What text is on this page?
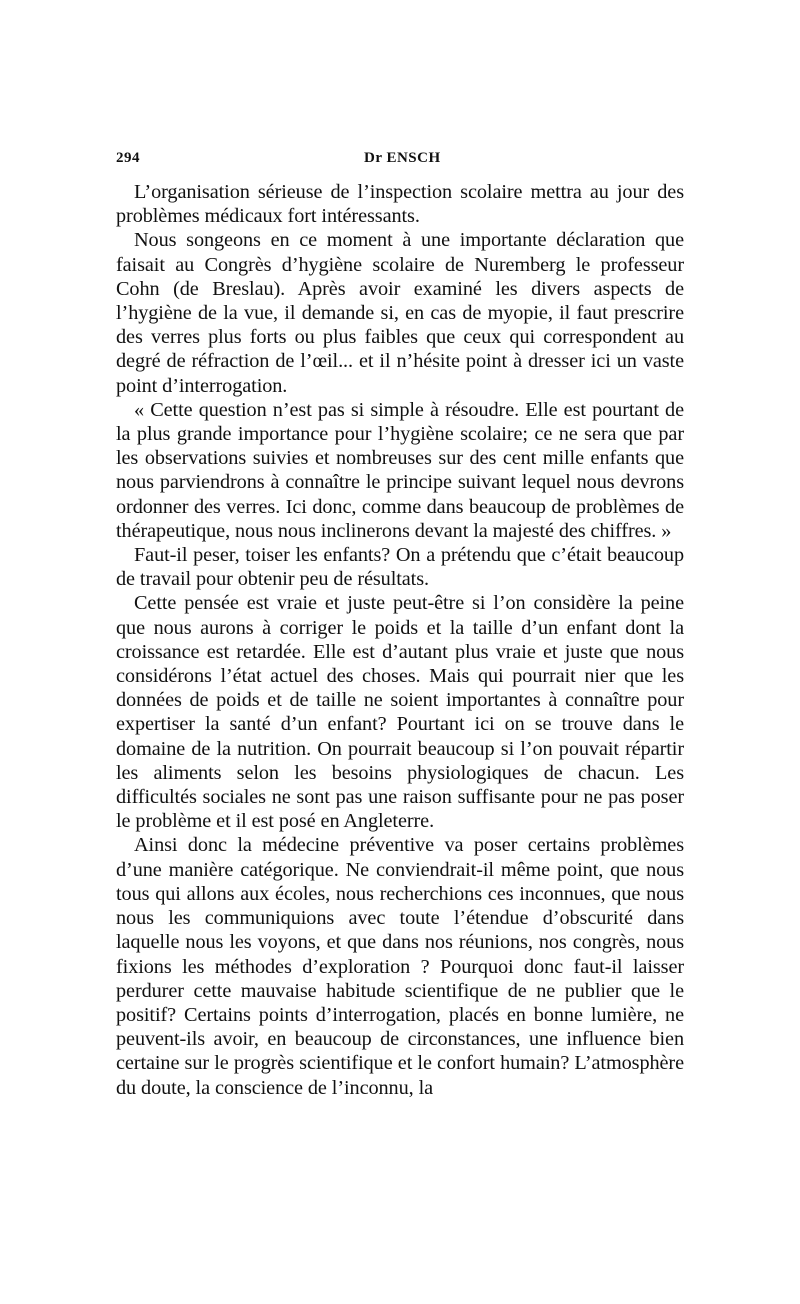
294	Dr ENSCH

L’organisation sérieuse de l’inspection scolaire mettra au jour des problèmes médicaux fort intéressants.

Nous songeons en ce moment à une importante déclaration que faisait au Congrès d’hygiène scolaire de Nuremberg le professeur Cohn (de Breslau). Après avoir examiné les divers aspects de l’hygiène de la vue, il demande si, en cas de myopie, il faut prescrire des verres plus forts ou plus faibles que ceux qui correspondent au degré de réfraction de l’œil... et il n’hésite point à dresser ici un vaste point d’interrogation.

« Cette question n’est pas si simple à résoudre. Elle est pourtant de la plus grande importance pour l’hygiène scolaire; ce ne sera que par les observations suivies et nombreuses sur des cent mille enfants que nous parviendrons à connaître le principe suivant lequel nous devrons ordonner des verres. Ici donc, comme dans beaucoup de problèmes de thérapeutique, nous nous inclinerons devant la majesté des chiffres. »

Faut-il peser, toiser les enfants? On a prétendu que c’était beaucoup de travail pour obtenir peu de résultats.

Cette pensée est vraie et juste peut-être si l’on considère la peine que nous aurons à corriger le poids et la taille d’un enfant dont la croissance est retardée. Elle est d’autant plus vraie et juste que nous considérons l’état actuel des choses. Mais qui pourrait nier que les données de poids et de taille ne soient importantes à connaître pour expertiser la santé d’un enfant? Pourtant ici on se trouve dans le domaine de la nutrition. On pourrait beaucoup si l’on pouvait répartir les aliments selon les besoins physiologiques de chacun. Les difficultés sociales ne sont pas une raison suffisante pour ne pas poser le problème et il est posé en Angleterre.

Ainsi donc la médecine préventive va poser certains problèmes d’une manière catégorique. Ne conviendrait-il même point, que nous tous qui allons aux écoles, nous recherchions ces inconnues, que nous nous les communiquions avec toute l’étendue d’obscurité dans laquelle nous les voyons, et que dans nos réunions, nos congrès, nous fixions les méthodes d’exploration ? Pourquoi donc faut-il laisser perdurer cette mauvaise habitude scientifique de ne publier que le positif? Certains points d’interrogation, placés en bonne lumière, ne peuvent-ils avoir, en beaucoup de circonstances, une influence bien certaine sur le progrès scientifique et le confort humain? L’atmosphère du doute, la conscience de l’inconnu, la
